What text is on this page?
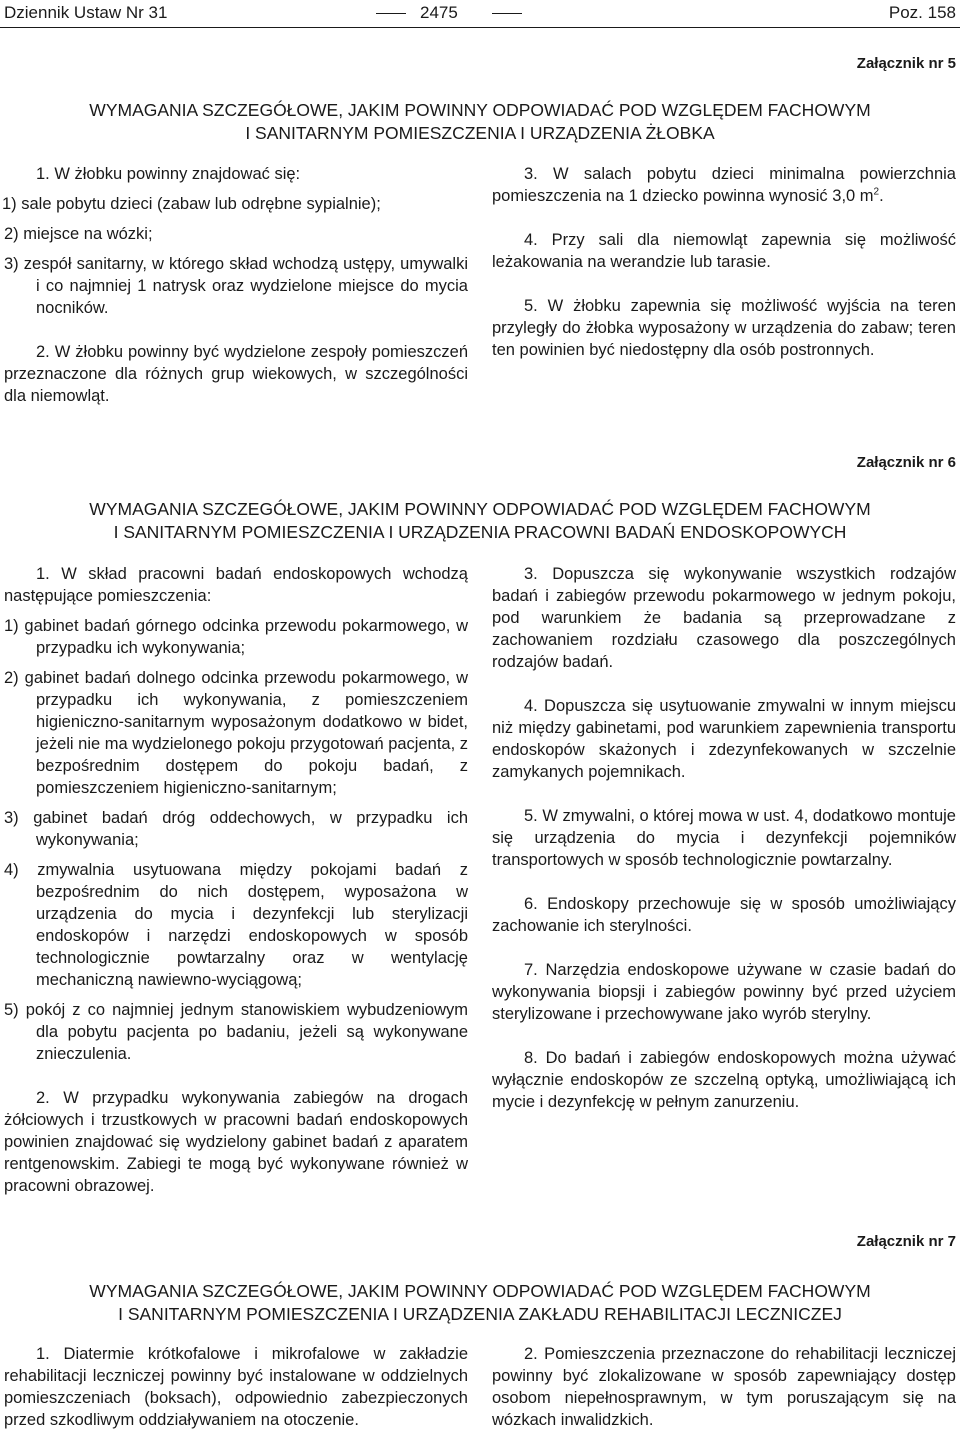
Dziennik Ustaw Nr 31	2475	Poz. 158
Załącznik nr 5
WYMAGANIA SZCZEGÓŁOWE, JAKIM POWINNY ODPOWIADAĆ POD WZGLĘDEM FACHOWYM
I SANITARNYM POMIESZCZENIA I URZĄDZENIA ŻŁOBKA

1. W żłobku powinny znajdować się:

1) sale pobytu dzieci (zabaw lub odrębne sypialnie);

2) miejsce na wózki;

3) zespół sanitarny, w którego skład wchodzą ustępy, umywalki i co najmniej 1 natrysk oraz wydzielone miejsce do mycia nocników.

2. W żłobku powinny być wydzielone zespoły pomieszczeń przeznaczone dla różnych grup wiekowych, w szczególności dla niemowląt.

3. W salach pobytu dzieci minimalna powierzchnia pomieszczenia na 1 dziecko powinna wynosić 3,0 $m^2$.

4. Przy sali dla niemowląt zapewnia się możliwość leżakowania na werandzie lub tarasie.

5. W żłobku zapewnia się możliwość wyjścia na teren przyległy do żłobka wyposażony w urządzenia do zabaw; teren ten powinien być niedostępny dla osób postronnych.

Załącznik nr 6
WYMAGANIA SZCZEGÓŁOWE, JAKIM POWINNY ODPOWIADAĆ POD WZGLĘDEM FACHOWYM
I SANITARNYM POMIESZCZENIA I URZĄDZENIA PRACOWNI BADAŃ ENDOSKOPOWYCH

1. W skład pracowni badań endoskopowych wchodzą następujące pomieszczenia:

1) gabinet badań górnego odcinka przewodu pokarmowego, w przypadku ich wykonywania;

2) gabinet badań dolnego odcinka przewodu pokarmowego, w przypadku ich wykonywania, z pomieszczeniem higieniczno-sanitarnym wyposażonym dodatkowo w bidet, jeżeli nie ma wydzielonego pokoju przygotowań pacjenta, z bezpośrednim dostępem do pokoju badań, z pomieszczeniem higieniczno-sanitarnym;

3) gabinet badań dróg oddechowych, w przypadku ich wykonywania;

4) zmywalnia usytuowana między pokojami badań z bezpośrednim do nich dostępem, wyposażona w urządzenia do mycia i dezynfekcji lub sterylizacji endoskopów i narzędzi endoskopowych w sposób technologicznie powtarzalny oraz w wentylację mechaniczną nawiewno-wyciągową;

5) pokój z co najmniej jednym stanowiskiem wybudzeniowym dla pobytu pacjenta po badaniu, jeżeli są wykonywane znieczulenia.

2. W przypadku wykonywania zabiegów na drogach żółciowych i trzustkowych w pracowni badań endoskopowych powinien znajdować się wydzielony gabinet badań z aparatem rentgenowskim. Zabiegi te mogą być wykonywane również w pracowni obrazowej.

3. Dopuszcza się wykonywanie wszystkich rodzajów badań i zabiegów przewodu pokarmowego w jednym pokoju, pod warunkiem że badania są przeprowadzane z zachowaniem rozdziału czasowego dla poszczególnych rodzajów badań.

4. Dopuszcza się usytuowanie zmywalni w innym miejscu niż między gabinetami, pod warunkiem zapewnienia transportu endoskopów skażonych i zdezynfekowanych w szczelnie zamykanych pojemnikach.

5. W zmywalni, o której mowa w ust. 4, dodatkowo montuje się urządzenia do mycia i dezynfekcji pojemników transportowych w sposób technologicznie powtarzalny.

6. Endoskopy przechowuje się w sposób umożliwiający zachowanie ich sterylności.

7. Narzędzia endoskopowe używane w czasie badań do wykonywania biopsji i zabiegów powinny być przed użyciem sterylizowane i przechowywane jako wyrób sterylny.

8. Do badań i zabiegów endoskopowych można używać wyłącznie endoskopów ze szczelną optyką, umożliwiającą ich mycie i dezynfekcję w pełnym zanurzeniu.

Załącznik nr 7
WYMAGANIA SZCZEGÓŁOWE, JAKIM POWINNY ODPOWIADAĆ POD WZGLĘDEM FACHOWYM
I SANITARNYM POMIESZCZENIA I URZĄDZENIA ZAKŁADU REHABILITACJI LECZNICZEJ

1. Diatermie krótkofalowe i mikrofalowe w zakładzie rehabilitacji leczniczej powinny być instalowane w oddzielnych pomieszczeniach (boksach), odpowiednio zabezpieczonych przed szkodliwym oddziaływaniem na otoczenie.

2. Pomieszczenia przeznaczone do rehabilitacji leczniczej powinny być zlokalizowane w sposób zapewniający dostęp osobom niepełnosprawnym, w tym poruszającym się na wózkach inwalidzkich.
